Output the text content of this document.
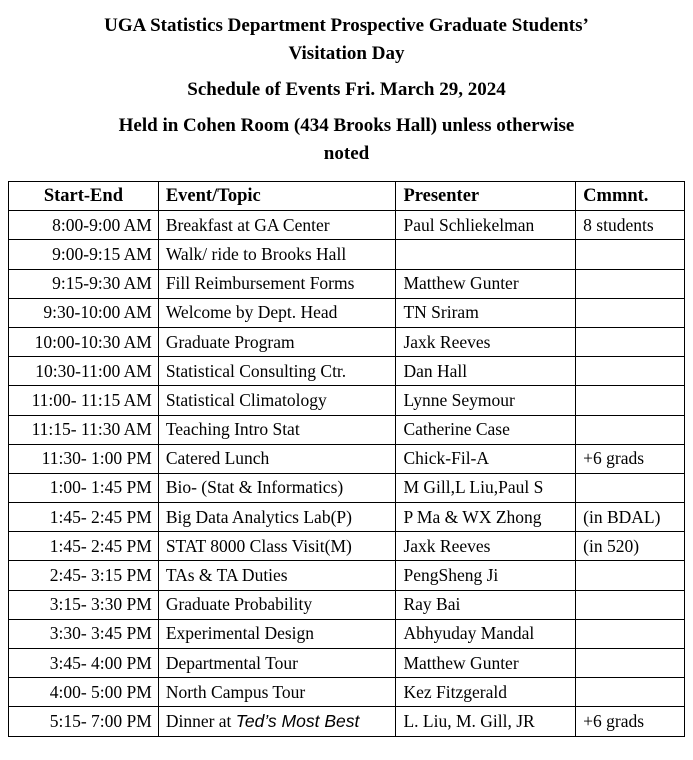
UGA Statistics Department Prospective Graduate Students’
Visitation Day
Schedule of Events Fri. March 29, 2024
Held in Cohen Room (434 Brooks Hall) unless otherwise
noted
Start-End	Event/Topic	Presenter	Cmmnt.
8:00-9:00 AM	Breakfast at GA Center	Paul Schliekelman	8 students
9:00-9:15 AM	Walk/ ride to Brooks Hall		
9:15-9:30 AM	Fill Reimbursement Forms	Matthew Gunter	
9:30-10:00 AM	Welcome by Dept. Head	TN Sriram	
10:00-10:30 AM	Graduate Program	Jaxk Reeves	
10:30-11:00 AM	Statistical Consulting Ctr.	Dan Hall	
11:00- 11:15 AM	Statistical Climatology	Lynne Seymour	
11:15- 11:30 AM	Teaching Intro Stat	Catherine Case	
11:30- 1:00 PM	Catered Lunch	Chick-Fil-A	+6 grads
1:00- 1:45 PM	Bio- (Stat & Informatics)	M Gill,L Liu,Paul S	
1:45- 2:45 PM	Big Data Analytics Lab(P)	P Ma & WX Zhong	(in BDAL)
1:45- 2:45 PM	STAT 8000 Class Visit(M)	Jaxk Reeves	(in 520)
2:45- 3:15 PM	TAs & TA Duties	PengSheng Ji	
3:15- 3:30 PM	Graduate Probability	Ray Bai	
3:30- 3:45 PM	Experimental Design	Abhyuday Mandal	
3:45- 4:00 PM	Departmental Tour	Matthew Gunter	
4:00- 5:00 PM	North Campus Tour	Kez Fitzgerald	
5:15- 7:00 PM	Dinner at Ted’s Most Best	L. Liu, M. Gill, JR	+6 grads
